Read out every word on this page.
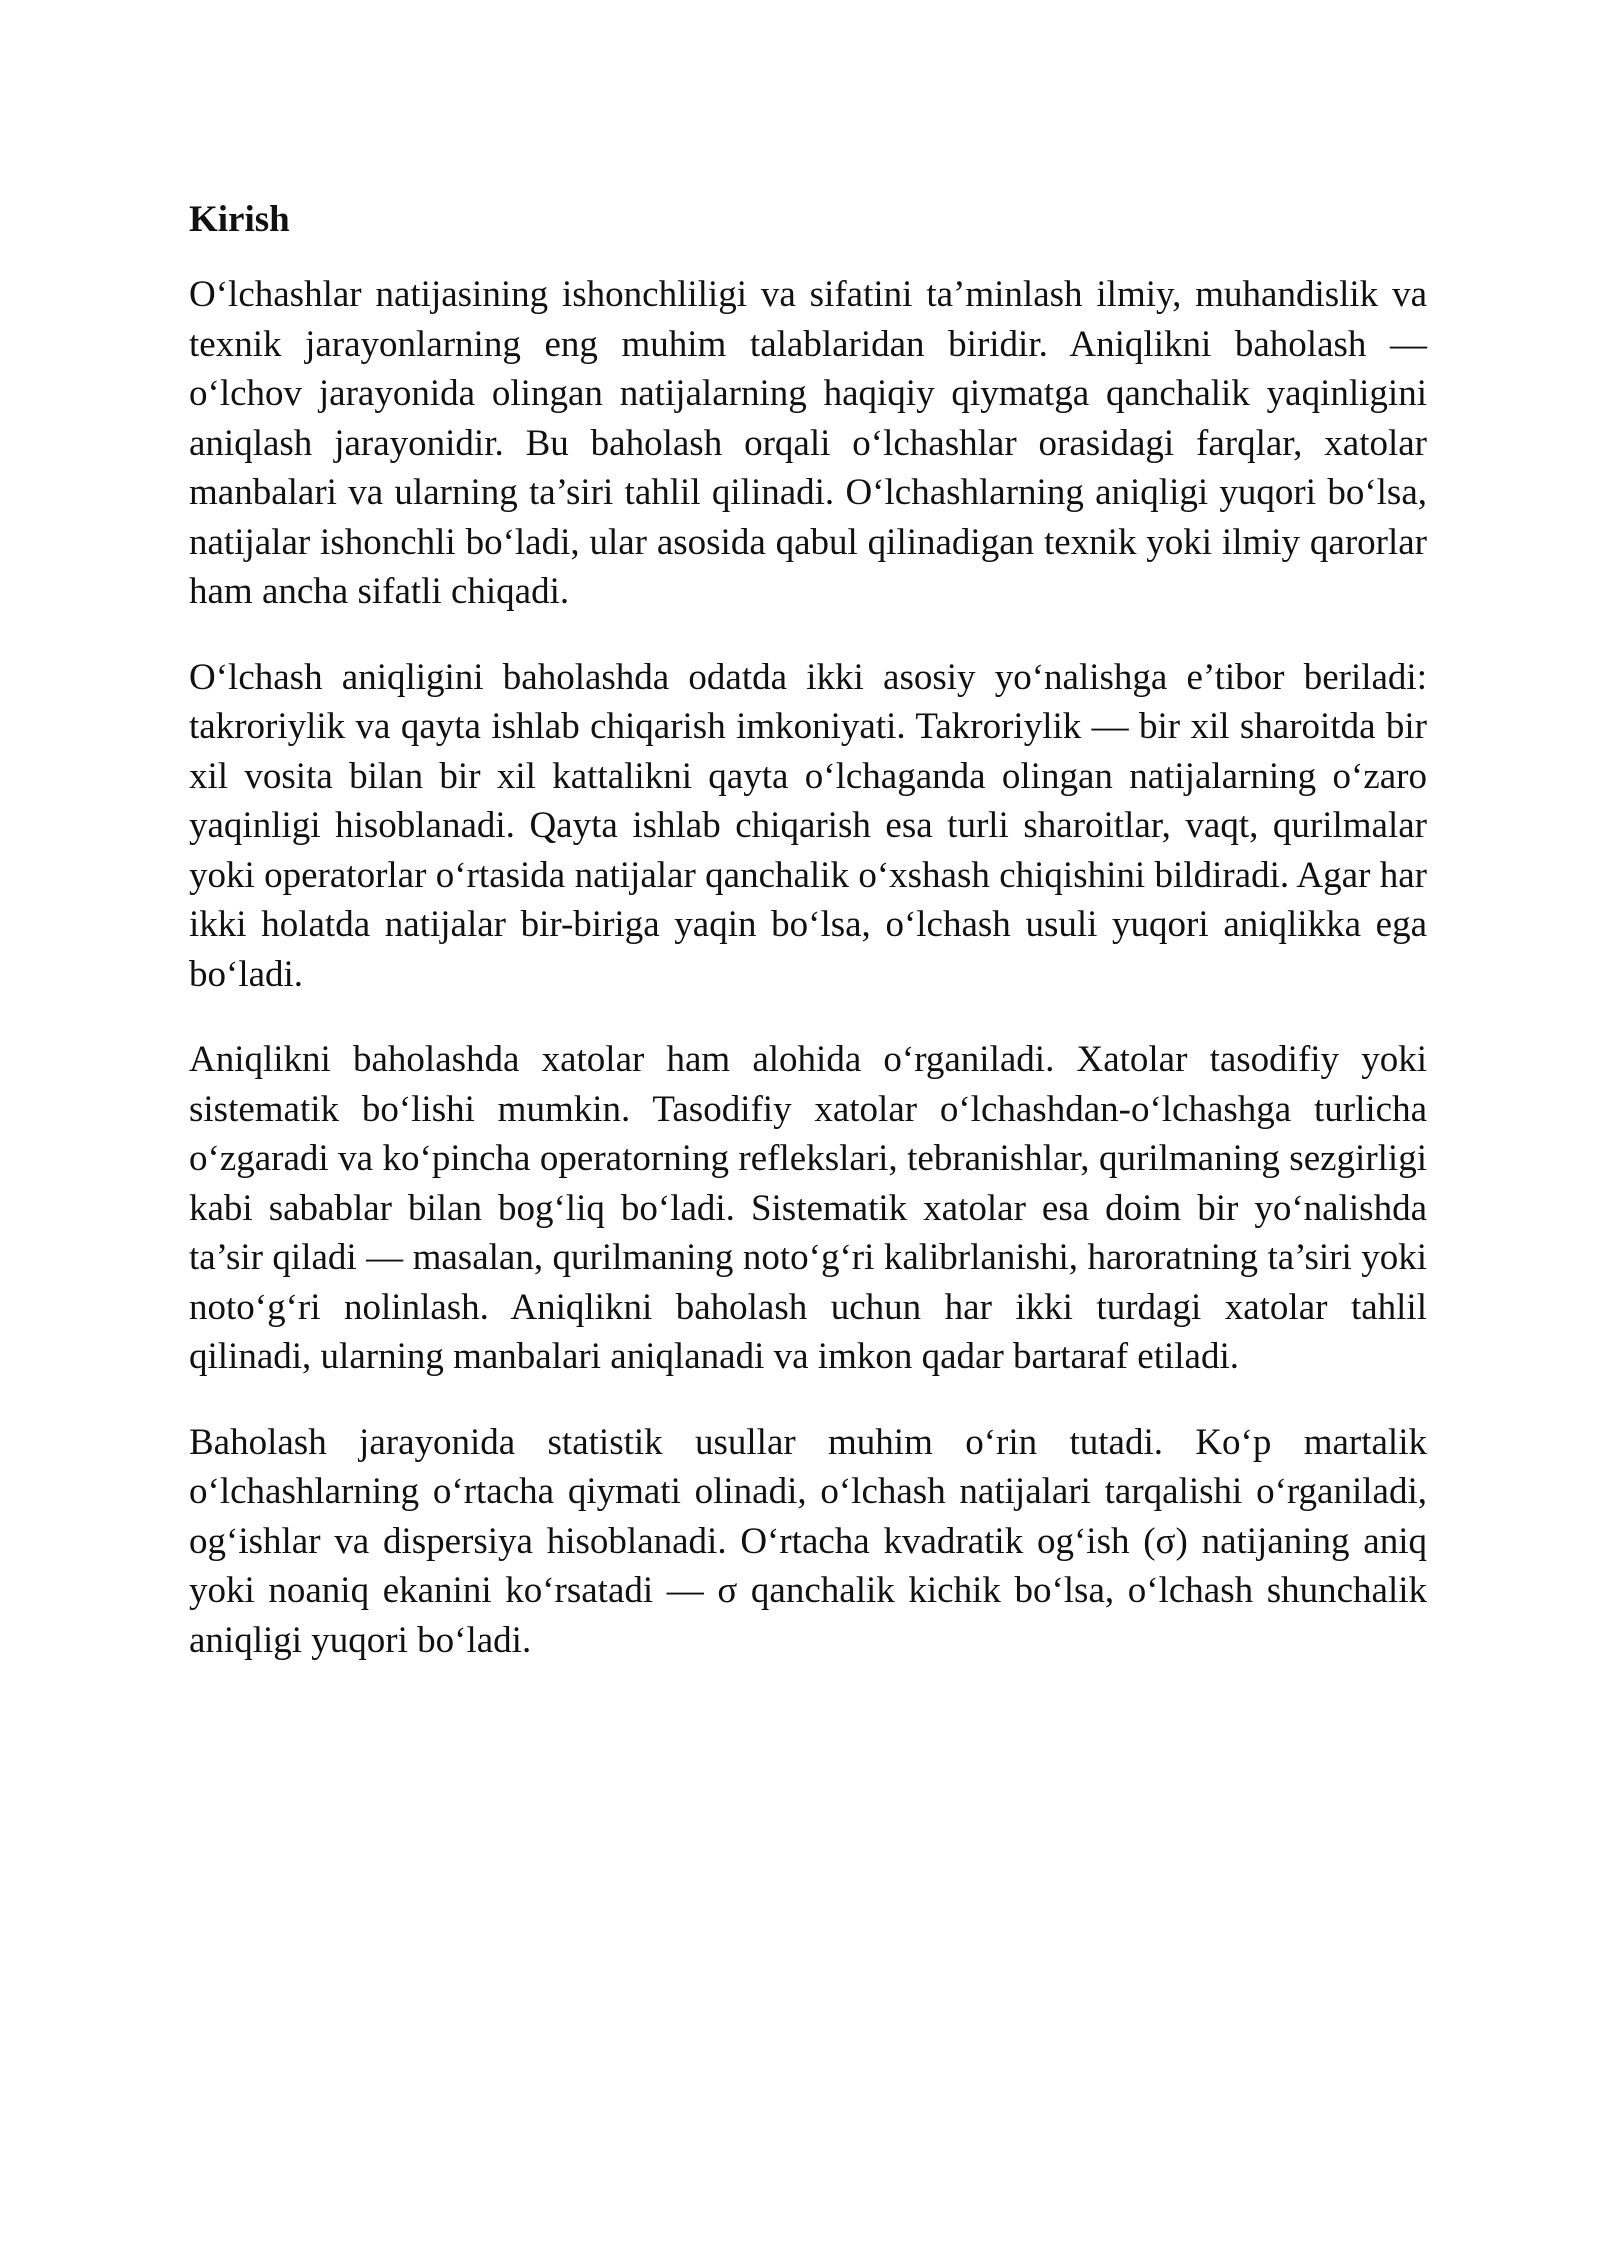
Kirish

O‘lchashlar natijasining ishonchliligi va sifatini ta’minlash ilmiy, muhandislik va texnik jarayonlarning eng muhim talablaridan biridir. Aniqlikni baholash — o‘lchov jarayonida olingan natijalarning haqiqiy qiymatga qanchalik yaqinligini aniqlash jarayonidir. Bu baholash orqali o‘lchashlar orasidagi farqlar, xatolar manbalari va ularning ta’siri tahlil qilinadi. O‘lchashlarning aniqligi yuqori bo‘lsa, natijalar ishonchli bo‘ladi, ular asosida qabul qilinadigan texnik yoki ilmiy qarorlar ham ancha sifatli chiqadi.

O‘lchash aniqligini baholashda odatda ikki asosiy yo‘nalishga e’tibor beriladi: takroriylik va qayta ishlab chiqarish imkoniyati. Takroriylik — bir xil sharoitda bir xil vosita bilan bir xil kattalikni qayta o‘lchaganda olingan natijalarning o‘zaro yaqinligi hisoblanadi. Qayta ishlab chiqarish esa turli sharoitlar, vaqt, qurilmalar yoki operatorlar o‘rtasida natijalar qanchalik o‘xshash chiqishini bildiradi. Agar har ikki holatda natijalar bir-biriga yaqin bo‘lsa, o‘lchash usuli yuqori aniqlikka ega bo‘ladi.

Aniqlikni baholashda xatolar ham alohida o‘rganiladi. Xatolar tasodifiy yoki sistematik bo‘lishi mumkin. Tasodifiy xatolar o‘lchashdan-o‘lchashga turlicha o‘zgaradi va ko‘pincha operatorning reflekslari, tebranishlar, qurilmaning sezgirligi kabi sabablar bilan bog‘liq bo‘ladi. Sistematik xatolar esa doim bir yo‘nalishda ta’sir qiladi — masalan, qurilmaning noto‘g‘ri kalibrlanishi, haroratning ta’siri yoki noto‘g‘ri nolinlash. Aniqlikni baholash uchun har ikki turdagi xatolar tahlil qilinadi, ularning manbalari aniqlanadi va imkon qadar bartaraf etiladi.

Baholash jarayonida statistik usullar muhim o‘rin tutadi. Ko‘p martalik o‘lchashlarning o‘rtacha qiymati olinadi, o‘lchash natijalari tarqalishi o‘rganiladi, og‘ishlar va dispersiya hisoblanadi. O‘rtacha kvadratik og‘ish (σ) natijaning aniq yoki noaniq ekanini ko‘rsatadi — σ qanchalik kichik bo‘lsa, o‘lchash shunchalik aniqligi yuqori bo‘ladi.
